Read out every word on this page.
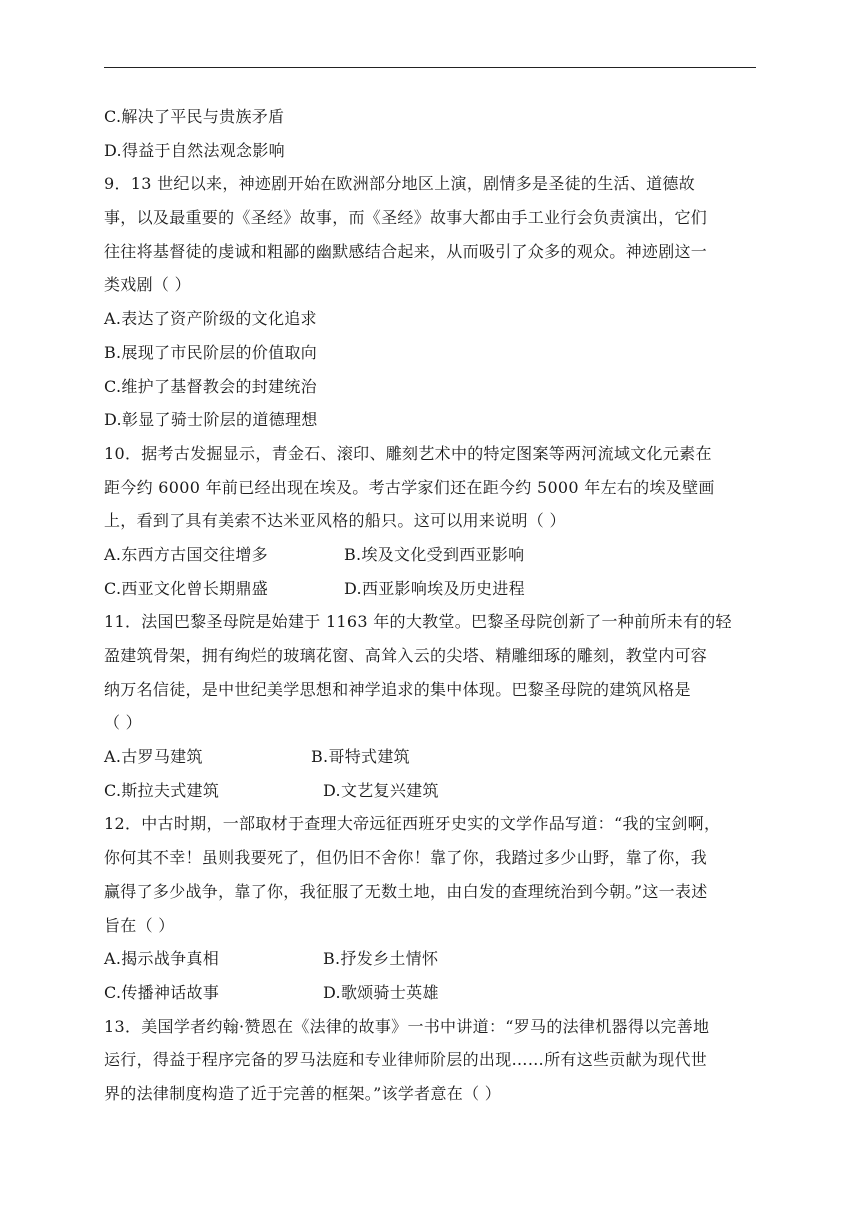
C.解决了平民与贵族矛盾
D.得益于自然法观念影响
9．13 世纪以来，神迹剧开始在欧洲部分地区上演，剧情多是圣徒的生活、道德故
事，以及最重要的《圣经》故事，而《圣经》故事大都由手工业行会负责演出，它们
往往将基督徒的虔诚和粗鄙的幽默感结合起来，从而吸引了众多的观众。神迹剧这一
类戏剧（ ）
A.表达了资产阶级的文化追求
B.展现了市民阶层的价值取向
C.维护了基督教会的封建统治
D.彰显了骑士阶层的道德理想
10．据考古发掘显示，青金石、滚印、雕刻艺术中的特定图案等两河流域文化元素在
距今约 6000 年前已经出现在埃及。考古学家们还在距今约 5000 年左右的埃及壁画
上，看到了具有美索不达米亚风格的船只。这可以用来说明（ ）
A.东西方古国交往增多	B.埃及文化受到西亚影响
C.西亚文化曾长期鼎盛	D.西亚影响埃及历史进程
11．法国巴黎圣母院是始建于 1163 年的大教堂。巴黎圣母院创新了一种前所未有的轻
盈建筑骨架，拥有绚烂的玻璃花窗、高耸入云的尖塔、精雕细琢的雕刻，教堂内可容
纳万名信徒，是中世纪美学思想和神学追求的集中体现。巴黎圣母院的建筑风格是
（ ）
A.古罗马建筑	B.哥特式建筑
C.斯拉夫式建筑	D.文艺复兴建筑
12．中古时期，一部取材于查理大帝远征西班牙史实的文学作品写道：“我的宝剑啊，
你何其不幸！虽则我要死了，但仍旧不舍你！靠了你，我踏过多少山野，靠了你，我
赢得了多少战争，靠了你，我征服了无数土地，由白发的查理统治到今朝。”这一表述
旨在（ ）
A.揭示战争真相	B.抒发乡土情怀
C.传播神话故事	D.歌颂骑士英雄
13．美国学者约翰·赞恩在《法律的故事》一书中讲道：“罗马的法律机器得以完善地
运行，得益于程序完备的罗马法庭和专业律师阶层的出现……所有这些贡献为现代世
界的法律制度构造了近于完善的框架。”该学者意在（ ）
